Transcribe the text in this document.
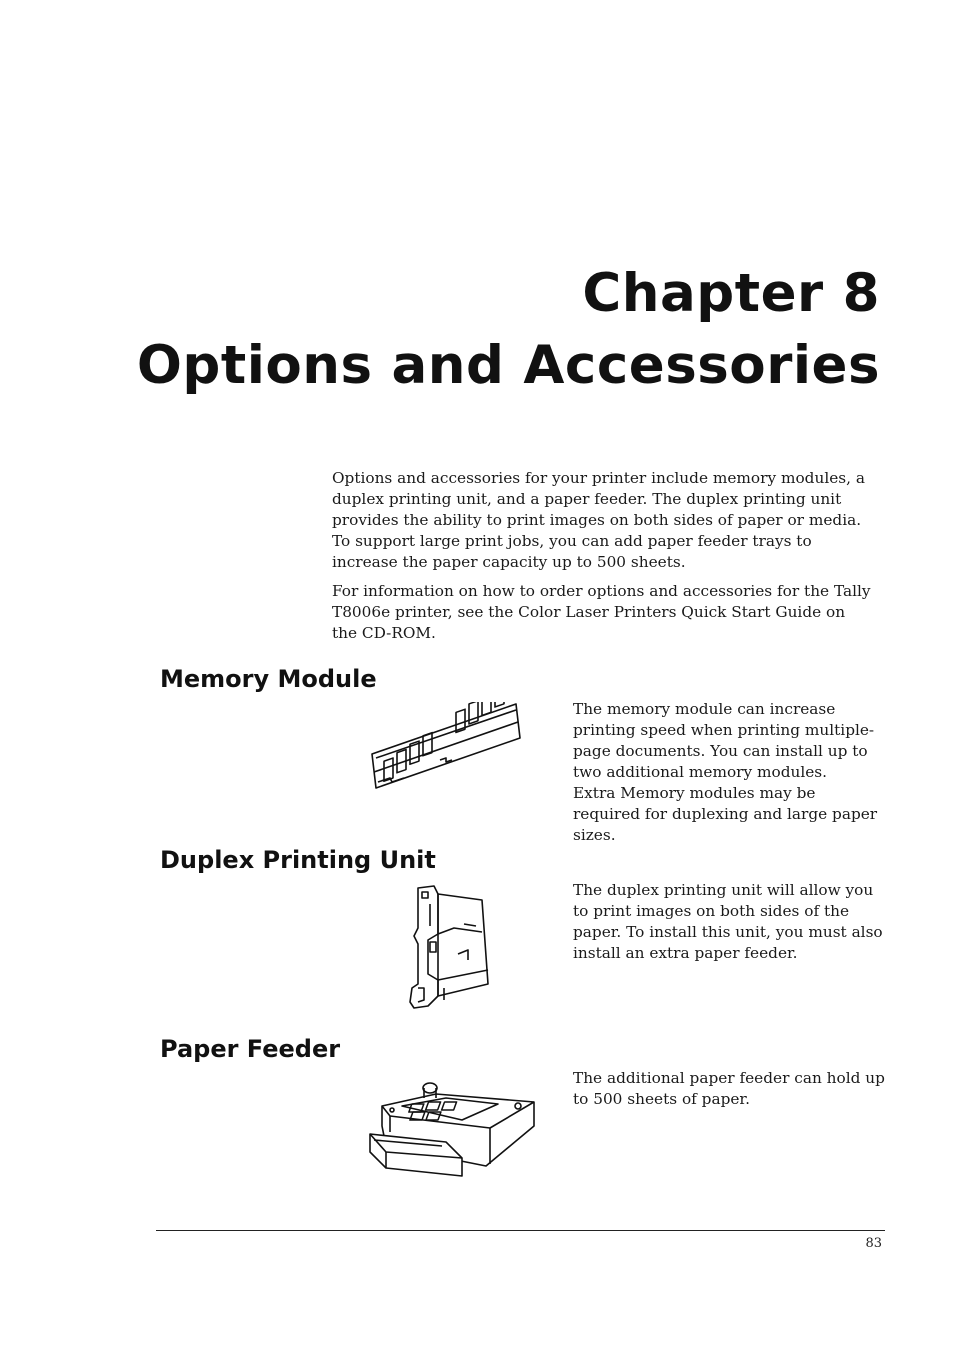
Chapter 8
Options and Accessories

Options and accessories for your printer include memory modules, a duplex printing unit, and a paper feeder. The duplex printing unit provides the ability to print images on both sides of paper or media. To support large print jobs, you can add paper feeder trays to increase the paper capacity up to 500 sheets.

For information on how to order options and accessories for the Tally T8006e printer, see the Color Laser Printers Quick Start Guide on the CD-ROM.

Memory Module

The memory module can increase printing speed when printing multiple-page documents. You can install up to two additional memory modules.
Extra Memory modules may be required for duplexing and large paper sizes.

Duplex Printing Unit

The duplex printing unit will allow you to print images on both sides of the paper. To install this unit, you must also install an extra paper feeder.

Paper Feeder

The additional paper feeder can hold up to 500 sheets of paper.

83
